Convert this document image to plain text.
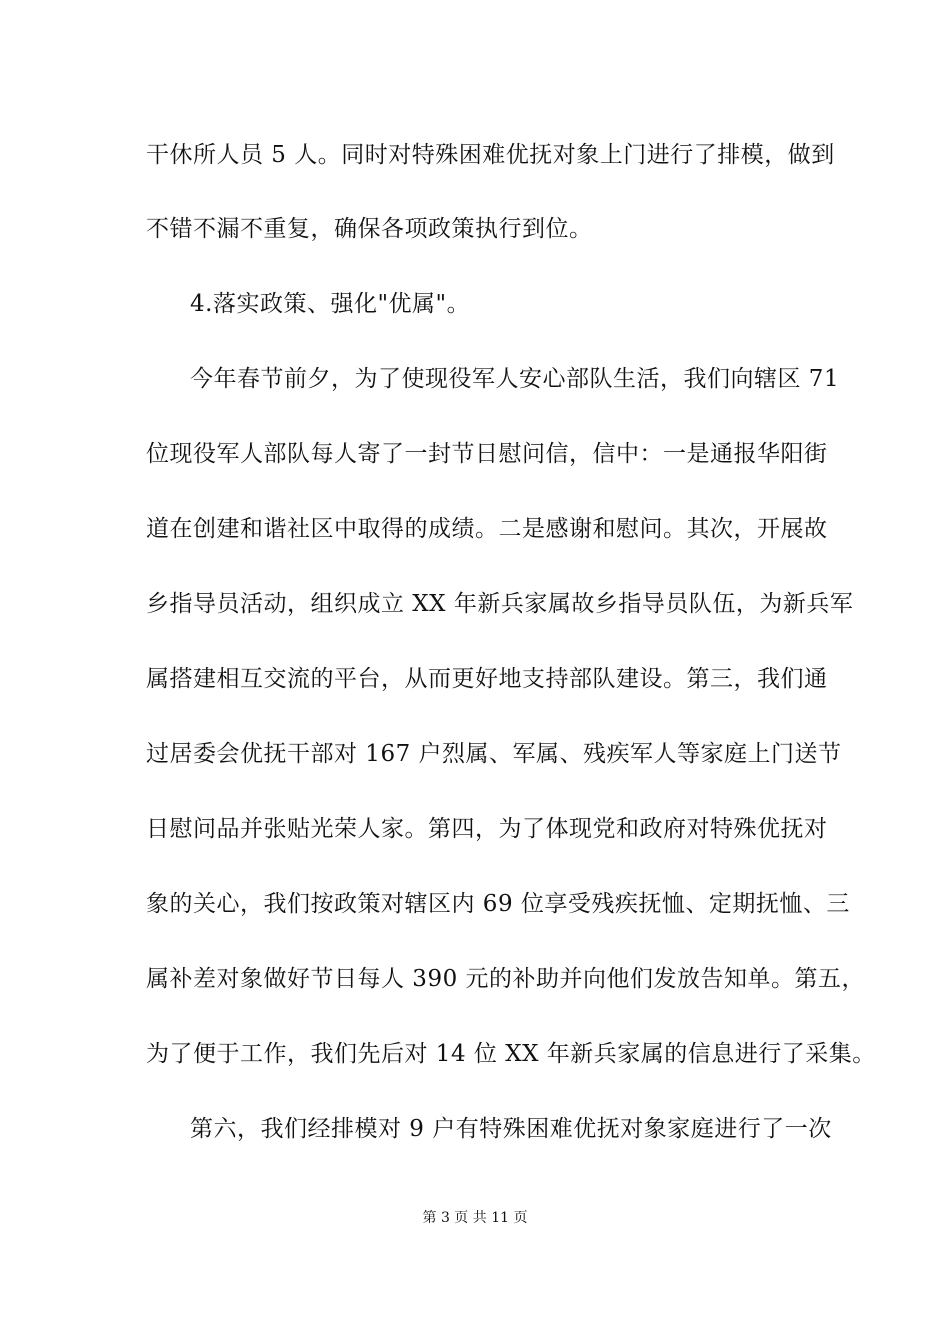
干休所人员 5 人。同时对特殊困难优抚对象上门进行了排模，做到
不错不漏不重复，确保各项政策执行到位。
4.落实政策、强化"优属"。
今年春节前夕，为了使现役军人安心部队生活，我们向辖区 71
位现役军人部队每人寄了一封节日慰问信，信中：一是通报华阳街
道在创建和谐社区中取得的成绩。二是感谢和慰问。其次，开展故
乡指导员活动，组织成立 XX 年新兵家属故乡指导员队伍，为新兵军
属搭建相互交流的平台，从而更好地支持部队建设。第三，我们通
过居委会优抚干部对 167 户烈属、军属、残疾军人等家庭上门送节
日慰问品并张贴光荣人家。第四，为了体现党和政府对特殊优抚对
象的关心，我们按政策对辖区内 69 位享受残疾抚恤、定期抚恤、三
属补差对象做好节日每人 390 元的补助并向他们发放告知单。第五，
为了便于工作，我们先后对 14 位 XX 年新兵家属的信息进行了采集。
第六，我们经排模对 9 户有特殊困难优抚对象家庭进行了一次
第 3 页 共 11 页
